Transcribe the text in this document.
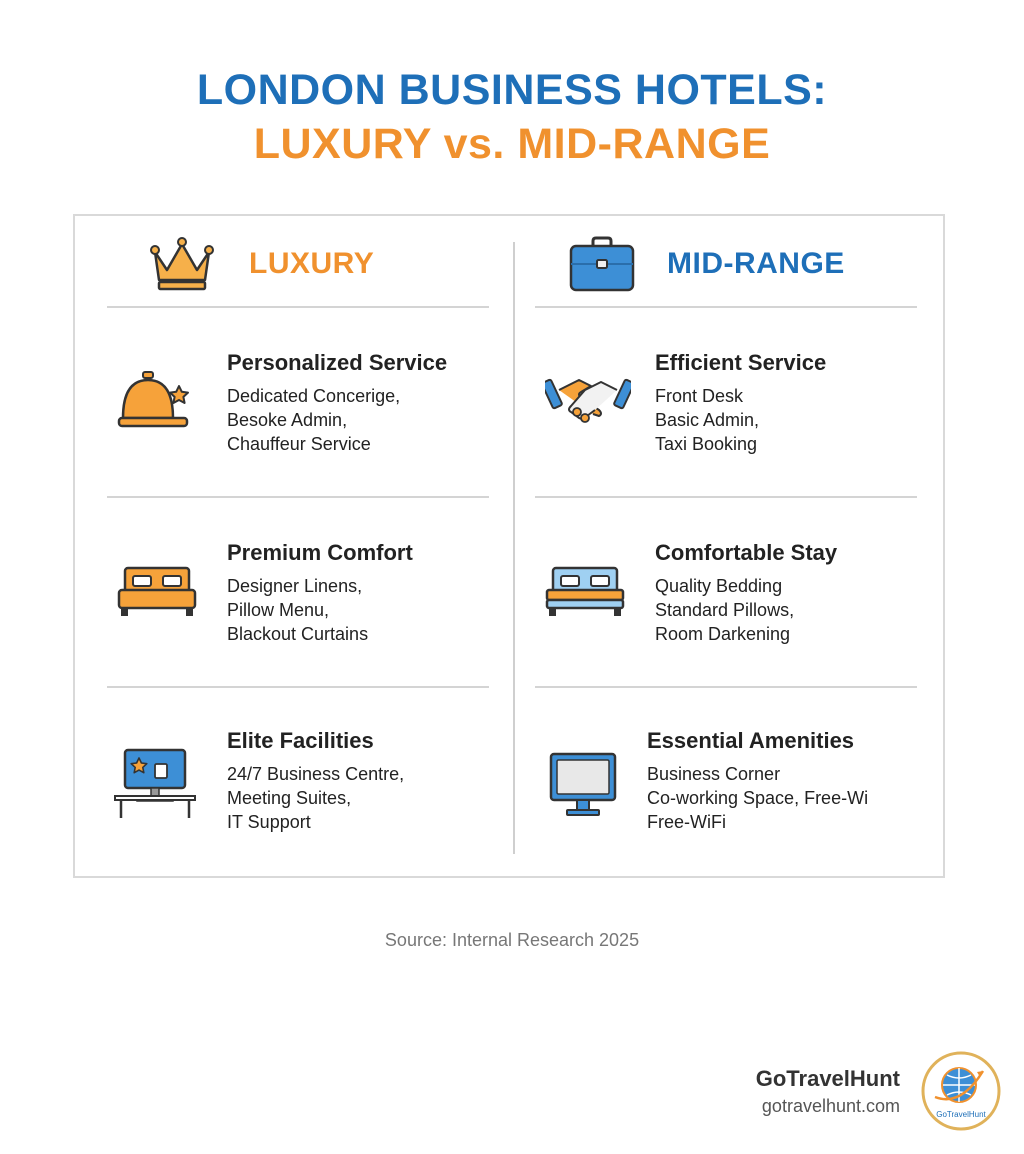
LONDON BUSINESS HOTELS:
LUXURY vs. MID-RANGE
LUXURY	MID-RANGE
Personalized Service
Dedicated Concerige,
Besoke Admin,
Chauffeur Service
Efficient Service
Front Desk
Basic Admin,
Taxi Booking
Premium Comfort
Designer Linens,
Pillow Menu,
Blackout Curtains
Comfortable Stay
Quality Bedding
Standard Pillows,
Room Darkening
Elite Facilities
24/7 Business Centre,
Meeting Suites,
IT Support
Essential Amenities
Business Corner
Co-working Space, Free-Wi
Free-WiFi
Source: Internal Research 2025
GoTravelHunt
gotravelhunt.com	GoTravelHunt
